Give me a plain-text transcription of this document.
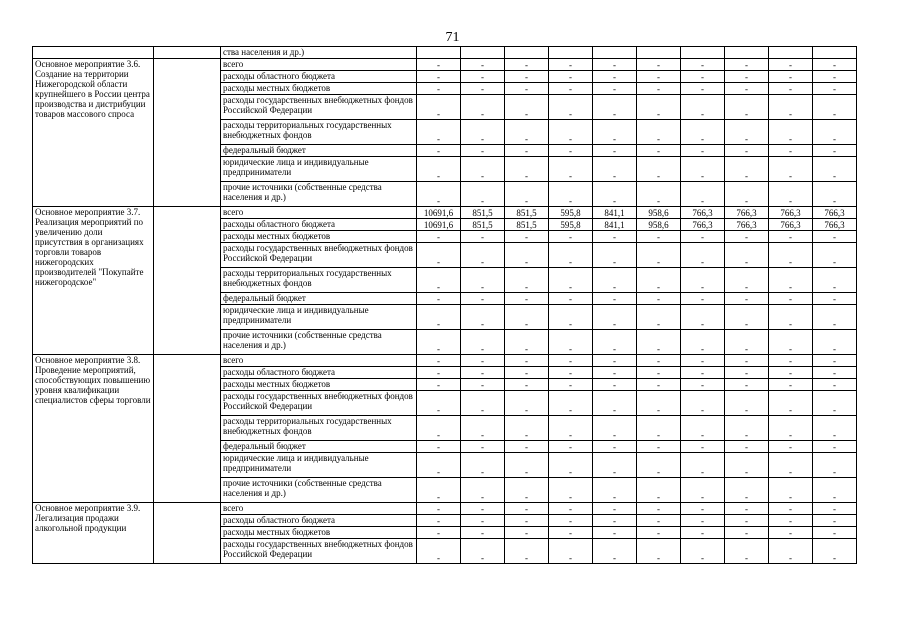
71
		ства населения и др.)										

Основное мероприятие 3.6. Создание на территории Нижегородской области крупнейшего в России центра производства и дистрибуции товаров массового спроса		всего	-	-	-	-	-	-	-	-	-	-
		расходы областного бюджета	-	-	-	-	-	-	-	-	-	-
		расходы местных бюджетов	-	-	-	-	-	-	-	-	-	-
		расходы государственных внебюджетных фондов Российской Федерации	-	-	-	-	-	-	-	-	-	-
		расходы территориальных государственных внебюджетных фондов	-	-	-	-	-	-	-	-	-	-
		федеральный бюджет	-	-	-	-	-	-	-	-	-	-
		юридические лица и индивидуальные предприниматели	-	-	-	-	-	-	-	-	-	-
		прочие источники (собственные средства населения и др.)	-	-	-	-	-	-	-	-	-	-

Основное мероприятие 3.7. Реализация мероприятий по увеличению доли присутствия в организациях торговли товаров нижегородских производителей "Покупайте нижегородское"		всего	10691,6	851,5	851,5	595,8	841,1	958,6	766,3	766,3	766,3	766,3
		расходы областного бюджета	10691,6	851,5	851,5	595,8	841,1	958,6	766,3	766,3	766,3	766,3
		расходы местных бюджетов	-	-	-	-	-	-	-	-	-	-
		расходы государственных внебюджетных фондов Российской Федерации	-	-	-	-	-	-	-	-	-	-
		расходы территориальных государственных внебюджетных фондов	-	-	-	-	-	-	-	-	-	-
		федеральный бюджет	-	-	-	-	-	-	-	-	-	-
		юридические лица и индивидуальные предприниматели	-	-	-	-	-	-	-	-	-	-
		прочие источники (собственные средства населения и др.)	-	-	-	-	-	-	-	-	-	-

Основное мероприятие 3.8. Проведение мероприятий, способствующих повышению уровня квалификации специалистов сферы торговли		всего	-	-	-	-	-	-	-	-	-	-
		расходы областного бюджета	-	-	-	-	-	-	-	-	-	-
		расходы местных бюджетов	-	-	-	-	-	-	-	-	-	-
		расходы государственных внебюджетных фондов Российской Федерации	-	-	-	-	-	-	-	-	-	-
		расходы территориальных государственных внебюджетных фондов	-	-	-	-	-	-	-	-	-	-
		федеральный бюджет	-	-	-	-	-	-	-	-	-	-
		юридические лица и индивидуальные предприниматели	-	-	-	-	-	-	-	-	-	-
		прочие источники (собственные средства населения и др.)	-	-	-	-	-	-	-	-	-	-

Основное мероприятие 3.9. Легализация продажи алкогольной продукции		всего	-	-	-	-	-	-	-	-	-	-
		расходы областного бюджета	-	-	-	-	-	-	-	-	-	-
		расходы местных бюджетов	-	-	-	-	-	-	-	-	-	-
		расходы государственных внебюджетных фондов Российской Федерации	-	-	-	-	-	-	-	-	-	-
